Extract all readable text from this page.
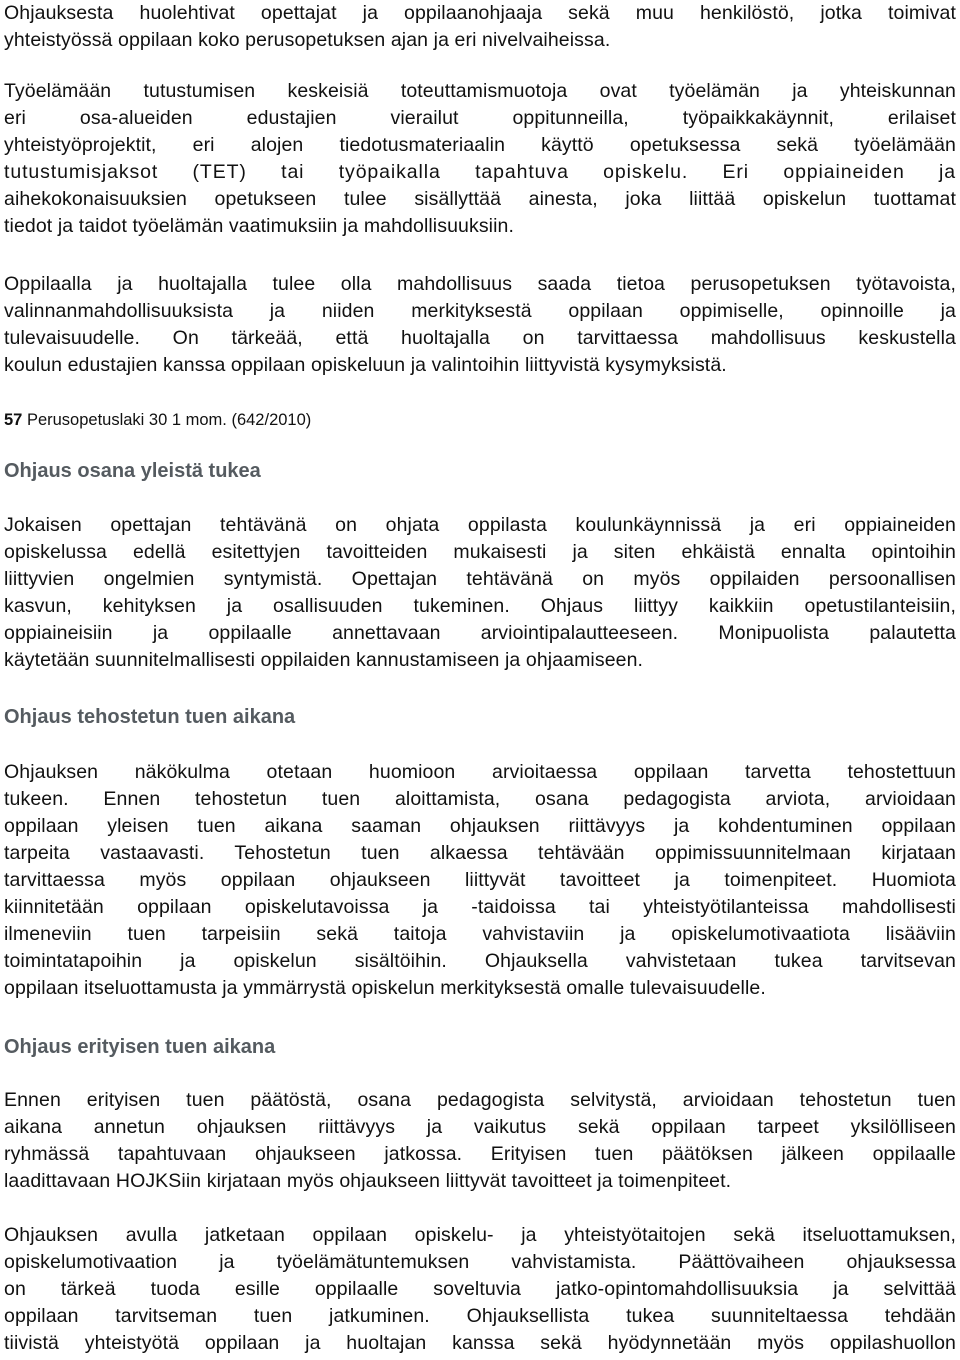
Ohjauksesta huolehtivat opettajat ja oppilaanohjaaja sekä muu henkilöstö, jotka toimivat
yhteistyössä oppilaan koko perusopetuksen ajan ja eri nivelvaiheissa.
Työelämään tutustumisen keskeisiä toteuttamismuotoja ovat työelämän ja yhteiskunnan
eri osa-alueiden edustajien vierailut oppitunneilla, työpaikkakäynnit, erilaiset
yhteistyöprojektit, eri alojen tiedotusmateriaalin käyttö opetuksessa sekä työelämään
tutustumisjaksot (TET) tai työpaikalla tapahtuva opiskelu. Eri oppiaineiden ja
aihekokonaisuuksien opetukseen tulee sisällyttää ainesta, joka liittää opiskelun tuottamat
tiedot ja taidot työelämän vaatimuksiin ja mahdollisuuksiin.
Oppilaalla ja huoltajalla tulee olla mahdollisuus saada tietoa perusopetuksen työtavoista,
valinnanmahdollisuuksista ja niiden merkityksestä oppilaan oppimiselle, opinnoille ja
tulevaisuudelle. On tärkeää, että huoltajalla on tarvittaessa mahdollisuus keskustella
koulun edustajien kanssa oppilaan opiskeluun ja valintoihin liittyvistä kysymyksistä.
57 Perusopetuslaki 30 1 mom. (642/2010)
Ohjaus osana yleistä tukea
Jokaisen opettajan tehtävänä on ohjata oppilasta koulunkäynnissä ja eri oppiaineiden
opiskelussa edellä esitettyjen tavoitteiden mukaisesti ja siten ehkäistä ennalta opintoihin
liittyvien ongelmien syntymistä. Opettajan tehtävänä on myös oppilaiden persoonallisen
kasvun, kehityksen ja osallisuuden tukeminen. Ohjaus liittyy kaikkiin opetustilanteisiin,
oppiaineisiin ja oppilaalle annettavaan arviointipalautteeseen. Monipuolista palautetta
käytetään suunnitelmallisesti oppilaiden kannustamiseen ja ohjaamiseen.
Ohjaus tehostetun tuen aikana
Ohjauksen näkökulma otetaan huomioon arvioitaessa oppilaan tarvetta tehostettuun
tukeen. Ennen tehostetun tuen aloittamista, osana pedagogista arviota, arvioidaan
oppilaan yleisen tuen aikana saaman ohjauksen riittävyys ja kohdentuminen oppilaan
tarpeita vastaavasti. Tehostetun tuen alkaessa tehtävään oppimissuunnitelmaan kirjataan
tarvittaessa myös oppilaan ohjaukseen liittyvät tavoitteet ja toimenpiteet. Huomiota
kiinnitetään oppilaan opiskelutavoissa ja -taidoissa tai yhteistyötilanteissa mahdollisesti
ilmeneviin tuen tarpeisiin sekä taitoja vahvistaviin ja opiskelumotivaatiota lisääviin
toimintatapoihin ja opiskelun sisältöihin. Ohjauksella vahvistetaan tukea tarvitsevan
oppilaan itseluottamusta ja ymmärrystä opiskelun merkityksestä omalle tulevaisuudelle.
Ohjaus erityisen tuen aikana
Ennen erityisen tuen päätöstä, osana pedagogista selvitystä, arvioidaan tehostetun tuen
aikana annetun ohjauksen riittävyys ja vaikutus sekä oppilaan tarpeet yksilölliseen
ryhmässä tapahtuvaan ohjaukseen jatkossa. Erityisen tuen päätöksen jälkeen oppilaalle
laadittavaan HOJKSiin kirjataan myös ohjaukseen liittyvät tavoitteet ja toimenpiteet.
Ohjauksen avulla jatketaan oppilaan opiskelu- ja yhteistyötaitojen sekä itseluottamuksen,
opiskelumotivaation ja työelämätuntemuksen vahvistamista. Päättövaiheen ohjauksessa
on tärkeä tuoda esille oppilaalle soveltuvia jatko-opintomahdollisuuksia ja selvittää
oppilaan tarvitseman tuen jatkuminen. Ohjauksellista tukea suunniteltaessa tehdään
tiivistä yhteistyötä oppilaan ja huoltajan kanssa sekä hyödynnetään myös oppilashuollon
